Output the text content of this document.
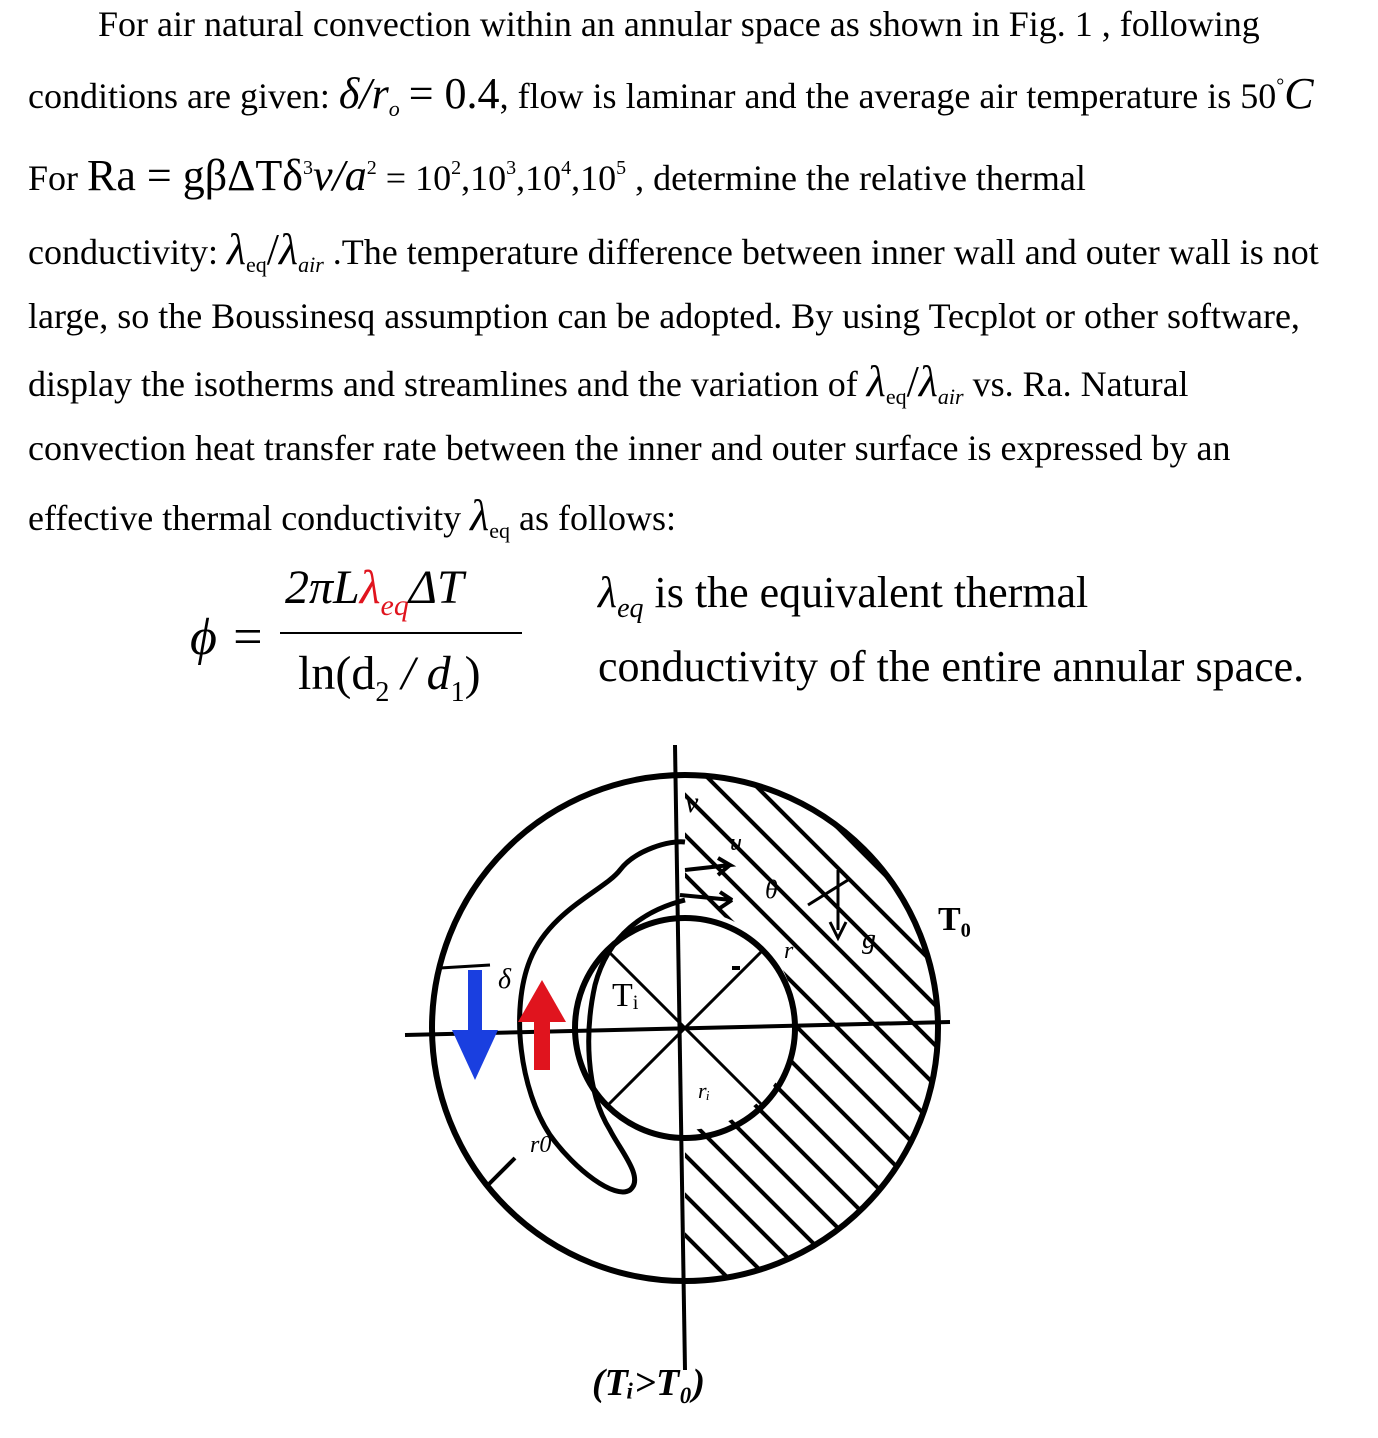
For air natural convection within an annular space as shown in Fig. 1 , following
conditions are given: $\delta/r_o = 0.4$, flow is laminar and the average air temperature is 50°C
For $Ra = g\beta\Delta T\delta^3\nu/a^2 = 10^2,10^3,10^4,10^5$ , determine the relative thermal
conductivity: $\lambda_{eq}/\lambda_{air}$ .The temperature difference between inner wall and outer wall is not
large, so the Boussinesq assumption can be adopted. By using Tecplot or other software,
display the isotherms and streamlines and the variation of $\lambda_{eq}/\lambda_{air}$ vs. Ra. Natural
convection heat transfer rate between the inner and outer surface is expressed by an
effective thermal conductivity $\lambda_{eq}$ as follows:
ϕ =
2πLλ$_{eq}$ΔT
$\ln(d_2 / d_1)$
$\lambda_{eq}$ is the equivalent thermal
conductivity of the entire annular space.
v
u
θ
g
T₀
Tᵢ
δ
r
rᵢ
r0
(Tᵢ>T₀)
